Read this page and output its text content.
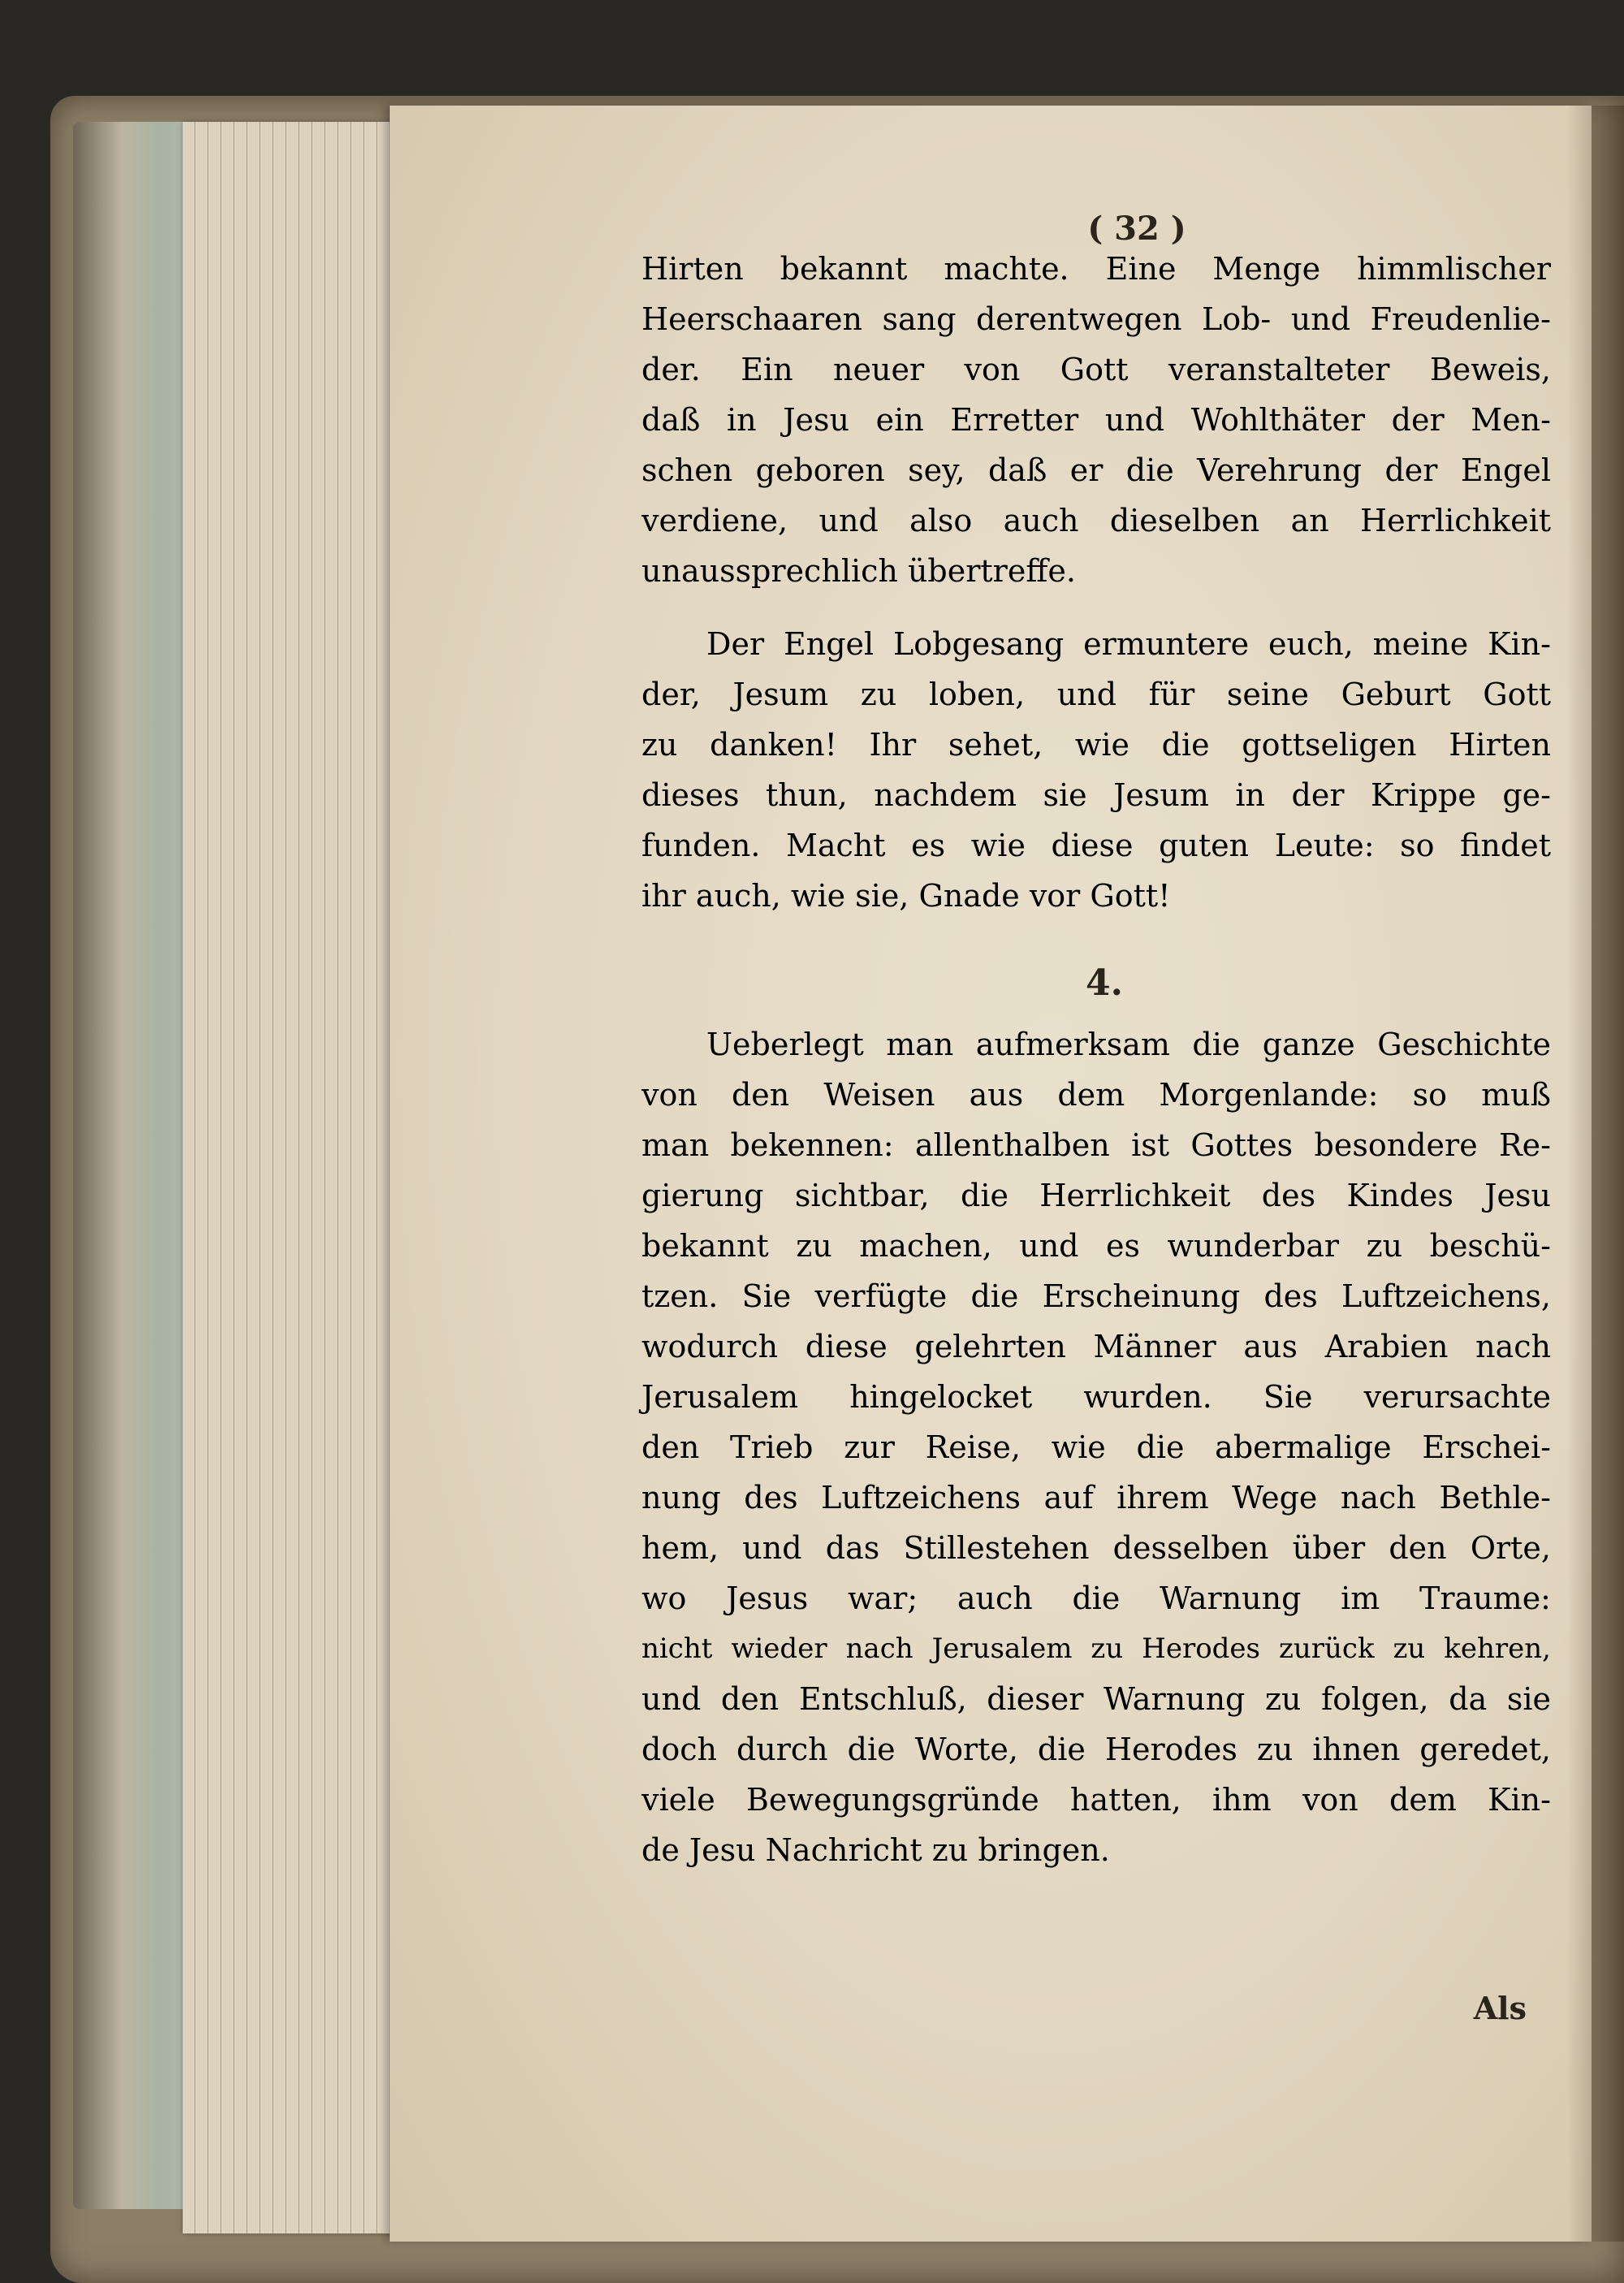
( 32 )
Hirten bekannt machte. Eine Menge himmlischer
Heerschaaren sang derentwegen Lob- und Freudenlie-
der. Ein neuer von Gott veranstalteter Beweis,
daß in Jesu ein Erretter und Wohlthäter der Men-
schen geboren sey, daß er die Verehrung der Engel
verdiene, und also auch dieselben an Herrlichkeit
unaussprechlich übertreffe.
Der Engel Lobgesang ermuntere euch, meine Kin-
der, Jesum zu loben, und für seine Geburt Gott
zu danken! Ihr sehet, wie die gottseligen Hirten
dieses thun, nachdem sie Jesum in der Krippe ge-
funden. Macht es wie diese guten Leute: so findet
ihr auch, wie sie, Gnade vor Gott!
4.
Ueberlegt man aufmerksam die ganze Geschichte
von den Weisen aus dem Morgenlande: so muß
man bekennen: allenthalben ist Gottes besondere Re-
gierung sichtbar, die Herrlichkeit des Kindes Jesu
bekannt zu machen, und es wunderbar zu beschü-
tzen. Sie verfügte die Erscheinung des Luftzeichens,
wodurch diese gelehrten Männer aus Arabien nach
Jerusalem hingelocket wurden. Sie verursachte
den Trieb zur Reise, wie die abermalige Erschei-
nung des Luftzeichens auf ihrem Wege nach Bethle-
hem, und das Stillestehen desselben über den Orte,
wo Jesus war; auch die Warnung im Traume:
nicht wieder nach Jerusalem zu Herodes zurück zu kehren,
und den Entschluß, dieser Warnung zu folgen, da sie
doch durch die Worte, die Herodes zu ihnen geredet,
viele Bewegungsgründe hatten, ihm von dem Kin-
de Jesu Nachricht zu bringen.
Als
